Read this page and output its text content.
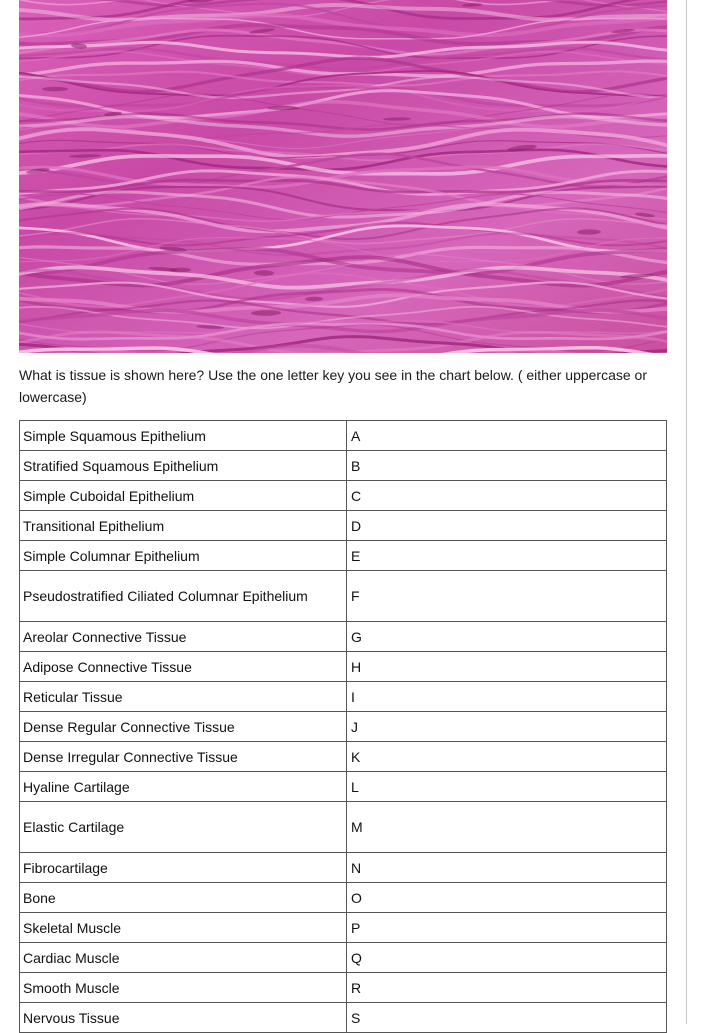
What is tissue is shown here? Use the one letter key you see in the chart below. ( either uppercase or lowercase)
Simple Squamous Epithelium	A
Stratified Squamous Epithelium	B
Simple Cuboidal Epithelium	C
Transitional Epithelium	D
Simple Columnar Epithelium	E
Pseudostratified Ciliated Columnar Epithelium	F
Areolar Connective Tissue	G
Adipose Connective Tissue	H
Reticular Tissue	I
Dense Regular Connective Tissue	J
Dense Irregular Connective Tissue	K
Hyaline Cartilage	L
Elastic Cartilage	M
Fibrocartilage	N
Bone	O
Skeletal Muscle	P
Cardiac Muscle	Q
Smooth Muscle	R
Nervous Tissue	S
